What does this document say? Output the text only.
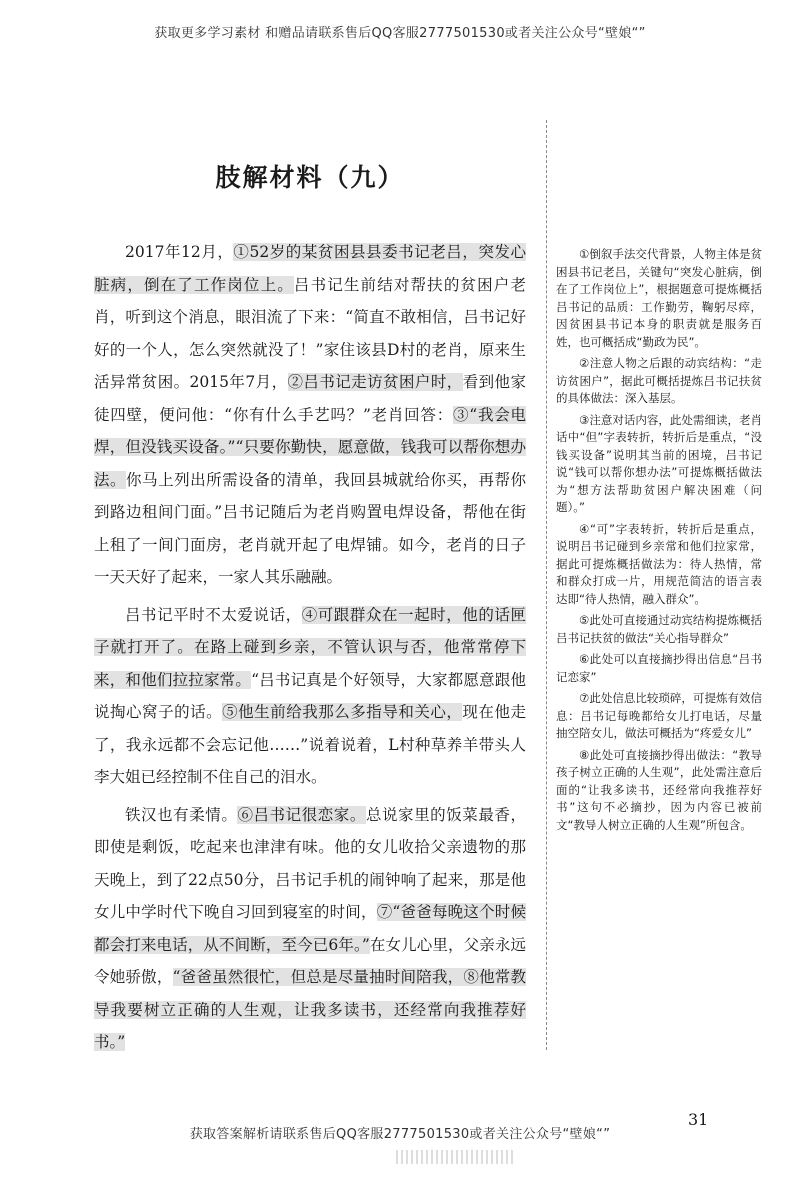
获取更多学习素材 和赠品请联系售后QQ客服2777501530或者关注公众号“壁娘“”
肢解材料（九）

2017年12月，①52岁的某贫困县县委书记老吕，突发心脏病，倒在了工作岗位上。吕书记生前结对帮扶的贫困户老肖，听到这个消息，眼泪流了下来：“简直不敢相信，吕书记好好的一个人，怎么突然就没了！”家住该县D村的老肖，原来生活异常贫困。2015年7月，②吕书记走访贫困户时，看到他家徒四壁，便问他：“你有什么手艺吗？”老肖回答：③“我会电焊，但没钱买设备。”“只要你勤快，愿意做，钱我可以帮你想办法。你马上列出所需设备的清单，我回县城就给你买，再帮你到路边租间门面。”吕书记随后为老肖购置电焊设备，帮他在街上租了一间门面房，老肖就开起了电焊铺。如今，老肖的日子一天天好了起来，一家人其乐融融。

吕书记平时不太爱说话，④可跟群众在一起时，他的话匣子就打开了。在路上碰到乡亲，不管认识与否，他常常停下来，和他们拉拉家常。“吕书记真是个好领导，大家都愿意跟他说掏心窝子的话。⑤他生前给我那么多指导和关心，现在他走了，我永远都不会忘记他……”说着说着，L村种草养羊带头人李大姐已经控制不住自己的泪水。

铁汉也有柔情。⑥吕书记很恋家。总说家里的饭菜最香，即使是剩饭，吃起来也津津有味。他的女儿收拾父亲遗物的那天晚上，到了22点50分，吕书记手机的闹钟响了起来，那是他女儿中学时代下晚自习回到寝室的时间，⑦“爸爸每晚这个时候都会打来电话，从不间断，至今已6年。”在女儿心里，父亲永远令她骄傲，“爸爸虽然很忙，但总是尽量抽时间陪我，⑧他常教导我要树立正确的人生观，让我多读书，还经常向我推荐好书。”

①倒叙手法交代背景，人物主体是贫困县书记老吕，关键句“突发心脏病，倒在了工作岗位上”，根据题意可提炼概括吕书记的品质：工作勤劳，鞠躬尽瘁，因贫困县书记本身的职责就是服务百姓，也可概括成“勤政为民”。

②注意人物之后跟的动宾结构：“走访贫困户”，据此可概括提炼吕书记扶贫的具体做法：深入基层。

③注意对话内容，此处需细读，老肖话中“但”字表转折，转折后是重点，“没钱买设备”说明其当前的困境，吕书记说“钱可以帮你想办法”可提炼概括做法为“想方法帮助贫困户解决困难（问题）。”

④“可”字表转折，转折后是重点，说明吕书记碰到乡亲常和他们拉家常，据此可提炼概括做法为：待人热情，常和群众打成一片，用规范简洁的语言表达即“待人热情，融入群众”。

⑤此处可直接通过动宾结构提炼概括吕书记扶贫的做法“关心指导群众”

⑥此处可以直接摘抄得出信息“吕书记恋家”

⑦此处信息比较琐碎，可提炼有效信息：吕书记每晚都给女儿打电话，尽量抽空陪女儿，做法可概括为“疼爱女儿”

⑧此处可直接摘抄得出做法：“教导孩子树立正确的人生观”，此处需注意后面的“让我多读书，还经常向我推荐好书”这句不必摘抄，因为内容已被前文“教导人树立正确的人生观”所包含。

31
获取答案解析请联系售后QQ客服2777501530或者关注公众号“壁娘“”
